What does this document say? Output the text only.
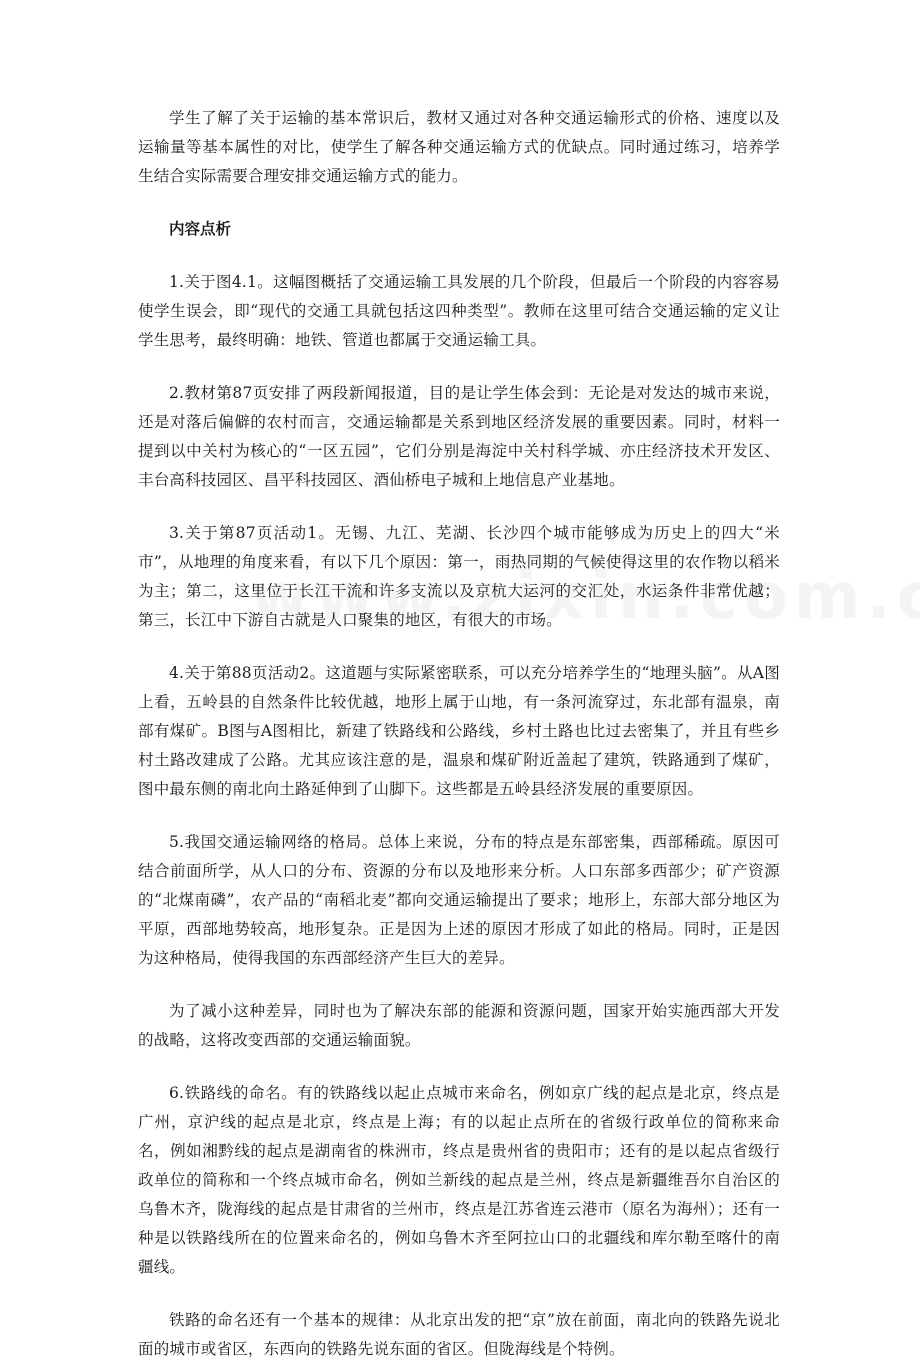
学生了解了关于运输的基本常识后，教材又通过对各种交通运输形式的价格、速度以及运输量等基本属性的对比，使学生了解各种交通运输方式的优缺点。同时通过练习，培养学生结合实际需要合理安排交通运输方式的能力。

内容点析

1.关于图4.1。这幅图概括了交通运输工具发展的几个阶段，但最后一个阶段的内容容易使学生误会，即“现代的交通工具就包括这四种类型”。教师在这里可结合交通运输的定义让学生思考，最终明确：地铁、管道也都属于交通运输工具。

2.教材第87页安排了两段新闻报道，目的是让学生体会到：无论是对发达的城市来说，还是对落后偏僻的农村而言，交通运输都是关系到地区经济发展的重要因素。同时，材料一提到以中关村为核心的“一区五园”，它们分别是海淀中关村科学城、亦庄经济技术开发区、丰台高科技园区、昌平科技园区、酒仙桥电子城和上地信息产业基地。

3.关于第87页活动1。无锡、九江、芜湖、长沙四个城市能够成为历史上的四大“米市”，从地理的角度来看，有以下几个原因：第一，雨热同期的气候使得这里的农作物以稻米为主；第二，这里位于长江干流和许多支流以及京杭大运河的交汇处，水运条件非常优越；第三，长江中下游自古就是人口聚集的地区，有很大的市场。

4.关于第88页活动2。这道题与实际紧密联系，可以充分培养学生的“地理头脑”。从A图上看，五岭县的自然条件比较优越，地形上属于山地，有一条河流穿过，东北部有温泉，南部有煤矿。B图与A图相比，新建了铁路线和公路线，乡村土路也比过去密集了，并且有些乡村土路改建成了公路。尤其应该注意的是，温泉和煤矿附近盖起了建筑，铁路通到了煤矿，图中最东侧的南北向土路延伸到了山脚下。这些都是五岭县经济发展的重要原因。

5.我国交通运输网络的格局。总体上来说，分布的特点是东部密集，西部稀疏。原因可结合前面所学，从人口的分布、资源的分布以及地形来分析。人口东部多西部少；矿产资源的“北煤南磷”，农产品的“南稻北麦”都向交通运输提出了要求；地形上，东部大部分地区为平原，西部地势较高，地形复杂。正是因为上述的原因才形成了如此的格局。同时，正是因为这种格局，使得我国的东西部经济产生巨大的差异。

为了减小这种差异，同时也为了解决东部的能源和资源问题，国家开始实施西部大开发的战略，这将改变西部的交通运输面貌。

6.铁路线的命名。有的铁路线以起止点城市来命名，例如京广线的起点是北京，终点是广州，京沪线的起点是北京，终点是上海；有的以起止点所在的省级行政单位的简称来命名，例如湘黔线的起点是湖南省的株洲市，终点是贵州省的贵阳市；还有的是以起点省级行政单位的简称和一个终点城市命名，例如兰新线的起点是兰州，终点是新疆维吾尔自治区的乌鲁木齐，陇海线的起点是甘肃省的兰州市，终点是江苏省连云港市（原名为海州）；还有一种是以铁路线所在的位置来命名的，例如乌鲁木齐至阿拉山口的北疆线和库尔勒至喀什的南疆线。

铁路的命名还有一个基本的规律：从北京出发的把“京”放在前面，南北向的铁路先说北面的城市或省区，东西向的铁路先说东面的省区。但陇海线是个特例。
